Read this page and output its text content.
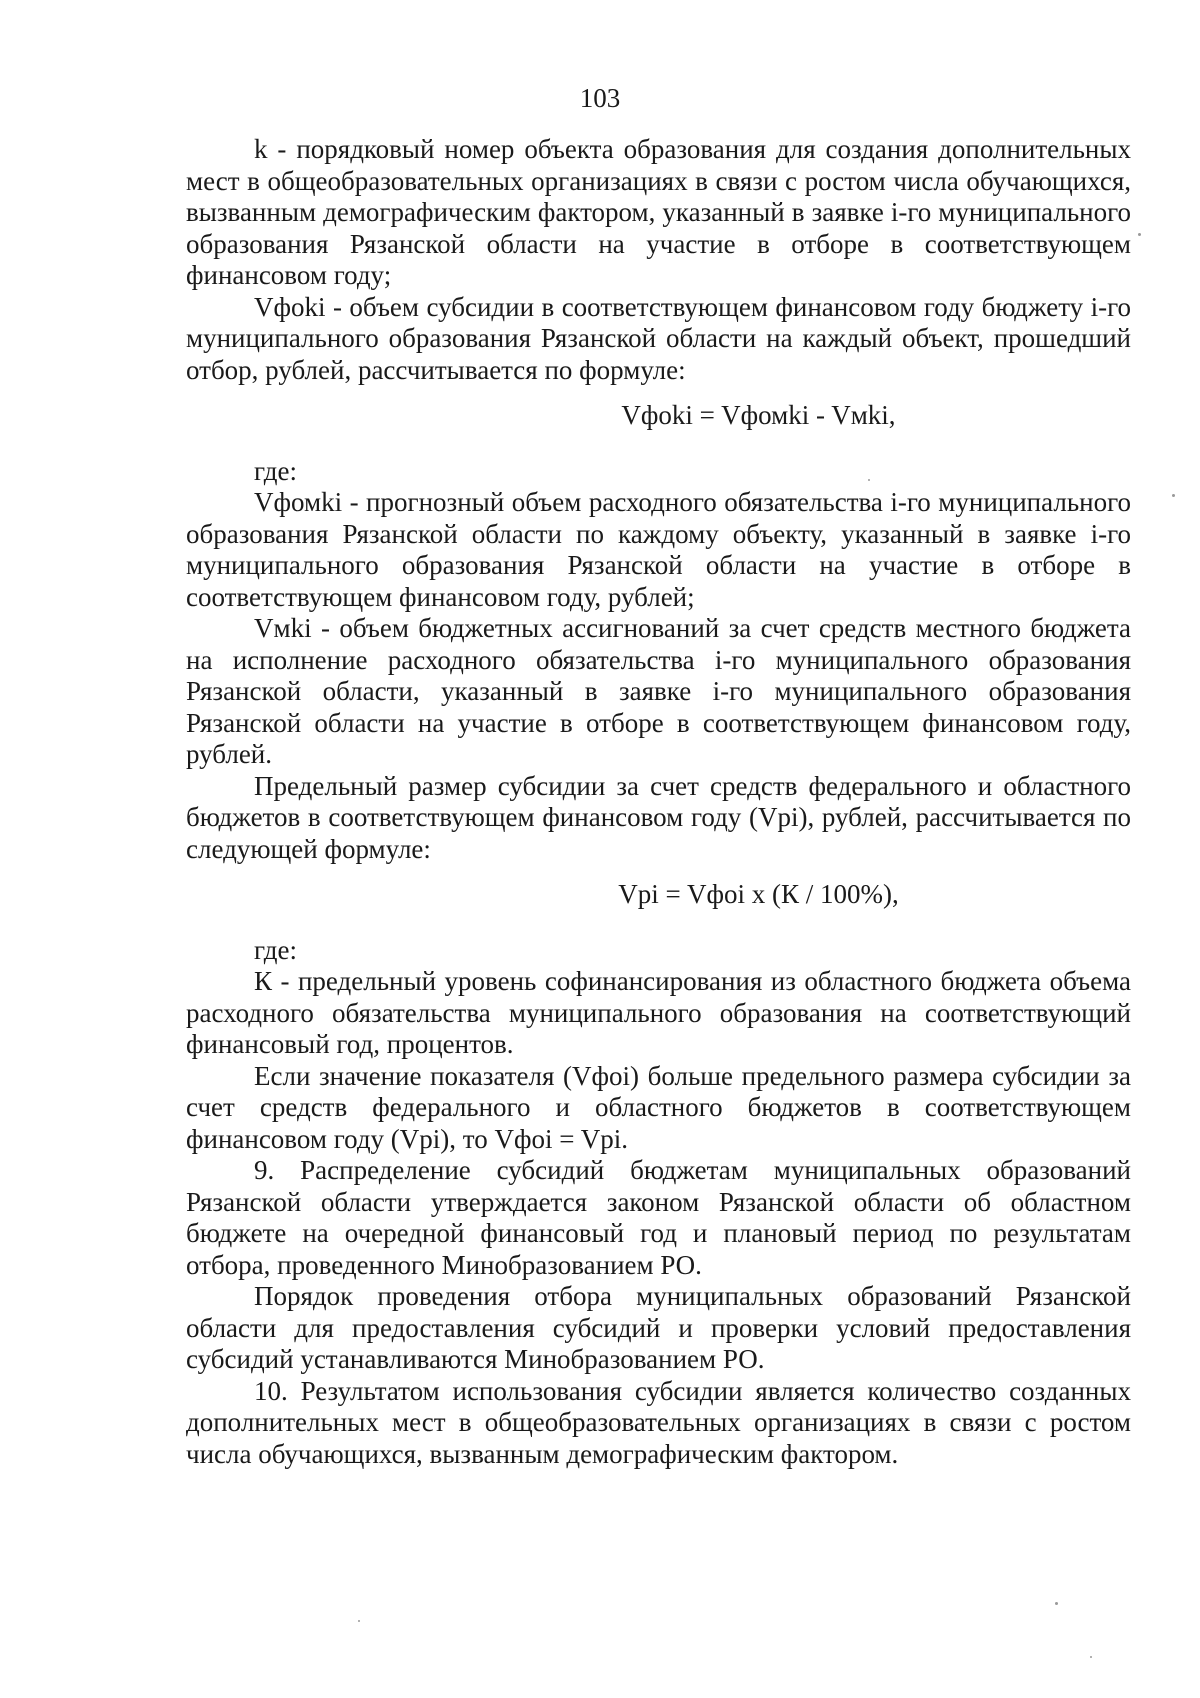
103

k - порядковый номер объекта образования для создания дополнительных мест в общеобразовательных организациях в связи с ростом числа обучающихся, вызванным демографическим фактором, указанный в заявке i-го муниципального образования Рязанской области на участие в отборе в соответствующем финансовом году;

Vфoki - объем субсидии в соответствующем финансовом году бюджету i-го муниципального образования Рязанской области на каждый объект, прошедший отбор, рублей, рассчитывается по формуле:

Vфoki = Vфомki - Vмki,

где:

Vфомki - прогнозный объем расходного обязательства i-го муниципального образования Рязанской области по каждому объекту, указанный в заявке i-го муниципального образования Рязанской области на участие в отборе в соответствующем финансовом году, рублей;

Vмki - объем бюджетных ассигнований за счет средств местного бюджета на исполнение расходного обязательства i-го муниципального образования Рязанской области, указанный в заявке i-го муниципального образования Рязанской области на участие в отборе в соответствующем финансовом году, рублей.

Предельный размер субсидии за счет средств федерального и областного бюджетов в соответствующем финансовом году (Vpi), рублей, рассчитывается по следующей формуле:

Vpi = Vфoi x (К / 100%),

где:

К - предельный уровень софинансирования из областного бюджета объема расходного обязательства муниципального образования на соответствующий финансовый год, процентов.

Если значение показателя (Vфoi) больше предельного размера субсидии за счет средств федерального и областного бюджетов в соответствующем финансовом году (Vpi), то Vфoi = Vpi.

9. Распределение субсидий бюджетам муниципальных образований Рязанской области утверждается законом Рязанской области об областном бюджете на очередной финансовый год и плановый период по результатам отбора, проведенного Минобразованием РО.

Порядок проведения отбора муниципальных образований Рязанской области для предоставления субсидий и проверки условий предоставления субсидий устанавливаются Минобразованием РО.

10. Результатом использования субсидии является количество созданных дополнительных мест в общеобразовательных организациях в связи с ростом числа обучающихся, вызванным демографическим фактором.
